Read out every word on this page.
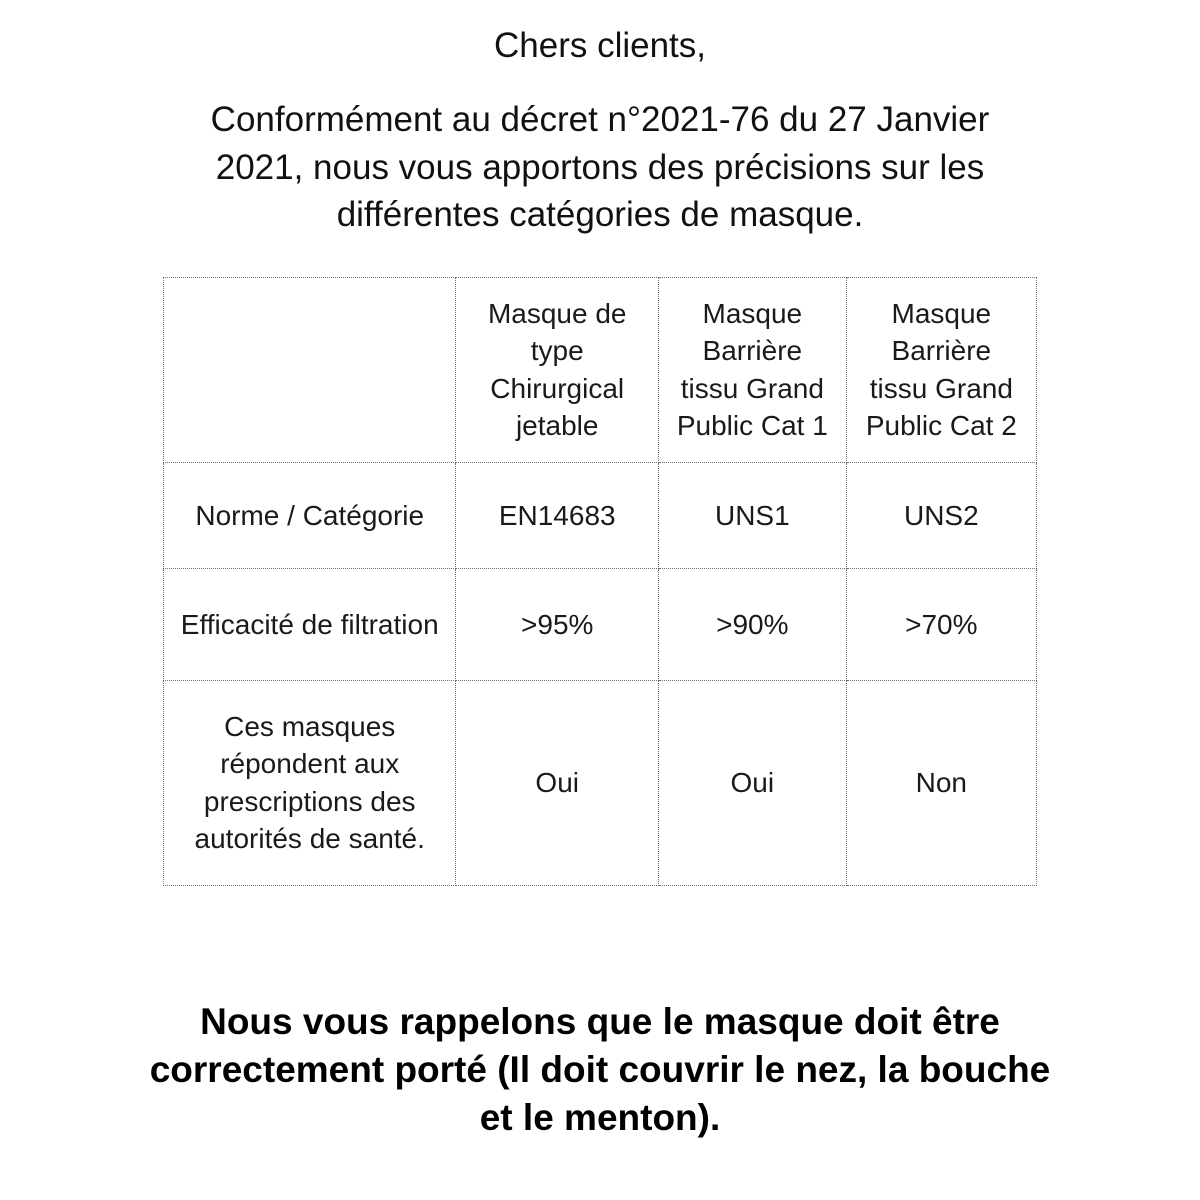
Chers clients,

Conformément au décret n°2021-76 du 27 Janvier 2021, nous vous apportons des précisions sur les différentes catégories de masque.

	Masque de type Chirurgical jetable	Masque Barrière tissu Grand Public Cat 1	Masque Barrière tissu Grand Public Cat 2
Norme / Catégorie	EN14683	UNS1	UNS2
Efficacité de filtration	>95%	>90%	>70%
Ces masques répondent aux prescriptions des autorités de santé.	Oui	Oui	Non

Nous vous rappelons que le masque doit être correctement porté (Il doit couvrir le nez, la bouche et le menton).
